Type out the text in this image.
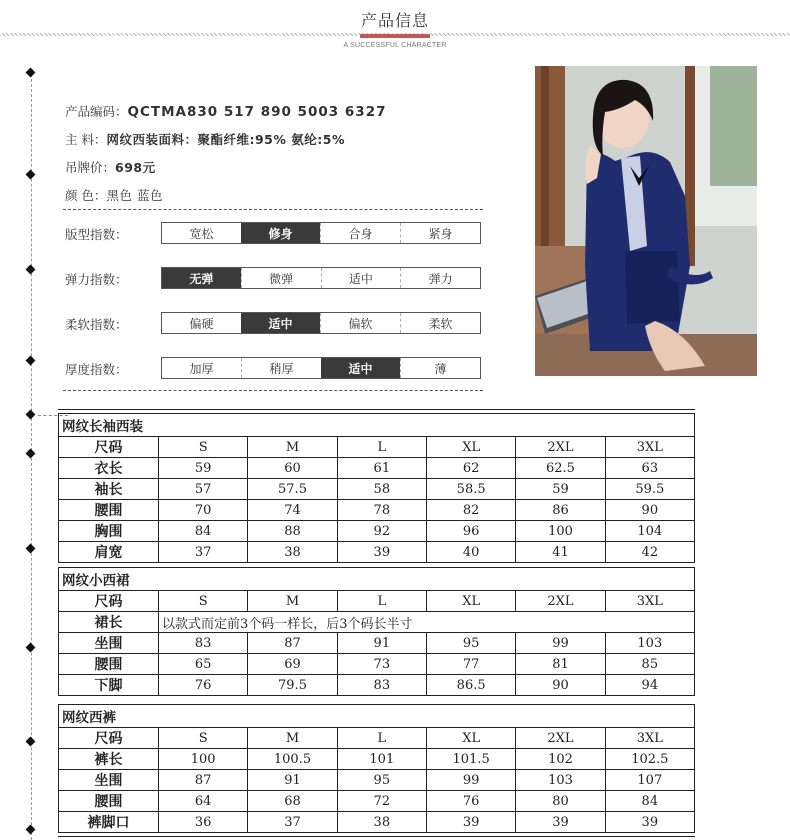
产品信息
A SUCCESSFUL CHARACTER
产品编码：QCTMA830 517 890 5003 6327
主 料：网纹西装面料：聚酯纤维:95% 氨纶:5%
吊牌价：698元
颜 色：黑色 蓝色
版型指数：	宽松	修身	合身	紧身
弹力指数：	无弹	微弹	适中	弹力
柔软指数：	偏硬	适中	偏软	柔软
厚度指数：	加厚	稍厚	适中	薄
网纹长袖西装						
尺码	S	M	L	XL	2XL	3XL
衣长	59	60	61	62	62.5	63
袖长	57	57.5	58	58.5	59	59.5
腰围	70	74	78	82	86	90
胸围	84	88	92	96	100	104
肩宽	37	38	39	40	41	42
网纹小西裙						
尺码	S	M	L	XL	2XL	3XL
裙长	以款式而定前3个码一样长，后3个码长半寸					
坐围	83	87	91	95	99	103
腰围	65	69	73	77	81	85
下脚	76	79.5	83	86.5	90	94
网纹西裤						
尺码	S	M	L	XL	2XL	3XL
裤长	100	100.5	101	101.5	102	102.5
坐围	87	91	95	99	103	107
腰围	64	68	72	76	80	84
裤脚口	36	37	38	39	39	39
